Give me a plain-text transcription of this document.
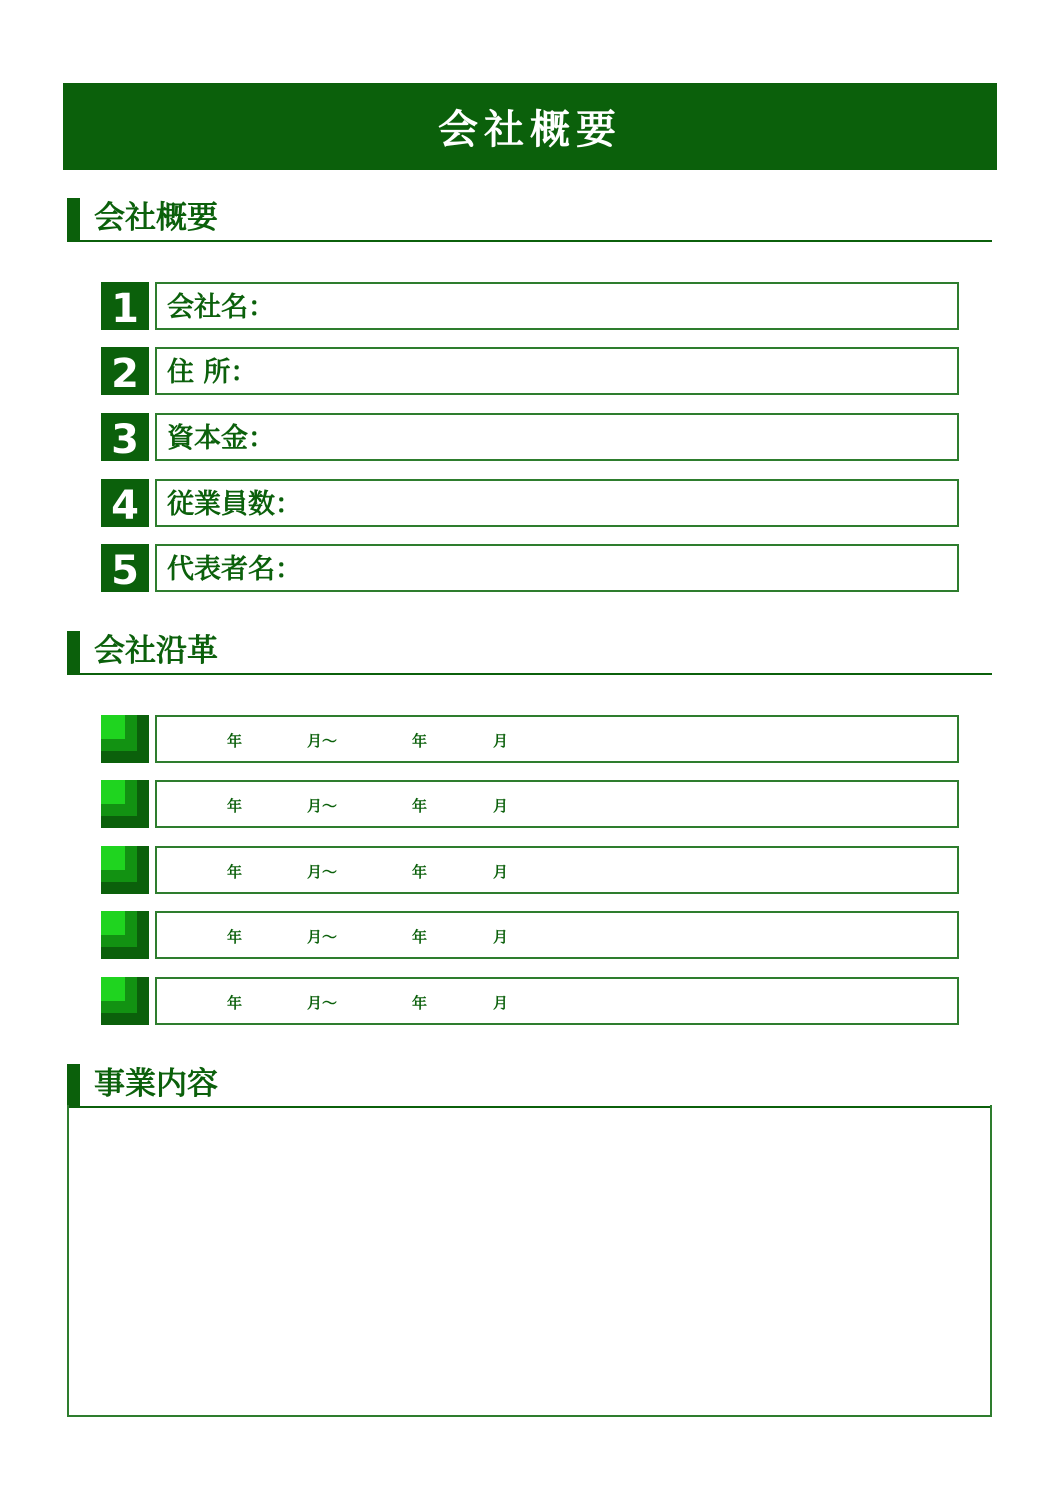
会社概要
会社概要
1	会社名：
2	住 所：
3	資本金：
4	従業員数：
5	代表者名：
会社沿革
年	月～	年	月
年	月～	年	月
年	月～	年	月
年	月～	年	月
年	月～	年	月
事業内容
